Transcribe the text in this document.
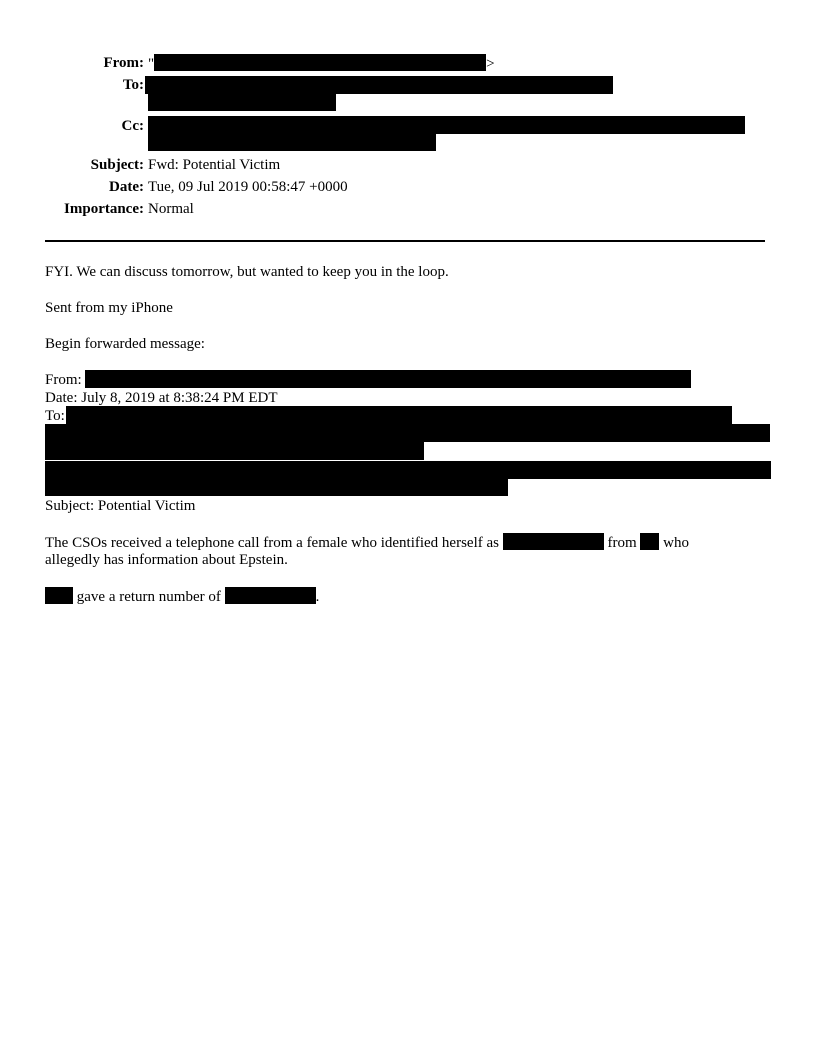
From: "	>
To:
Cc:
Subject: Fwd: Potential Victim
Date: Tue, 09 Jul 2019 00:58:47 +0000
Importance: Normal
FYI. We can discuss tomorrow, but wanted to keep you in the loop.
Sent from my iPhone
Begin forwarded message:
From:
Date: July 8, 2019 at 8:38:24 PM EDT
To:
Subject: Potential Victim
The CSOs received a telephone call from a female who identified herself as	from who
allegedly has information about Epstein.
gave a return number of	.
